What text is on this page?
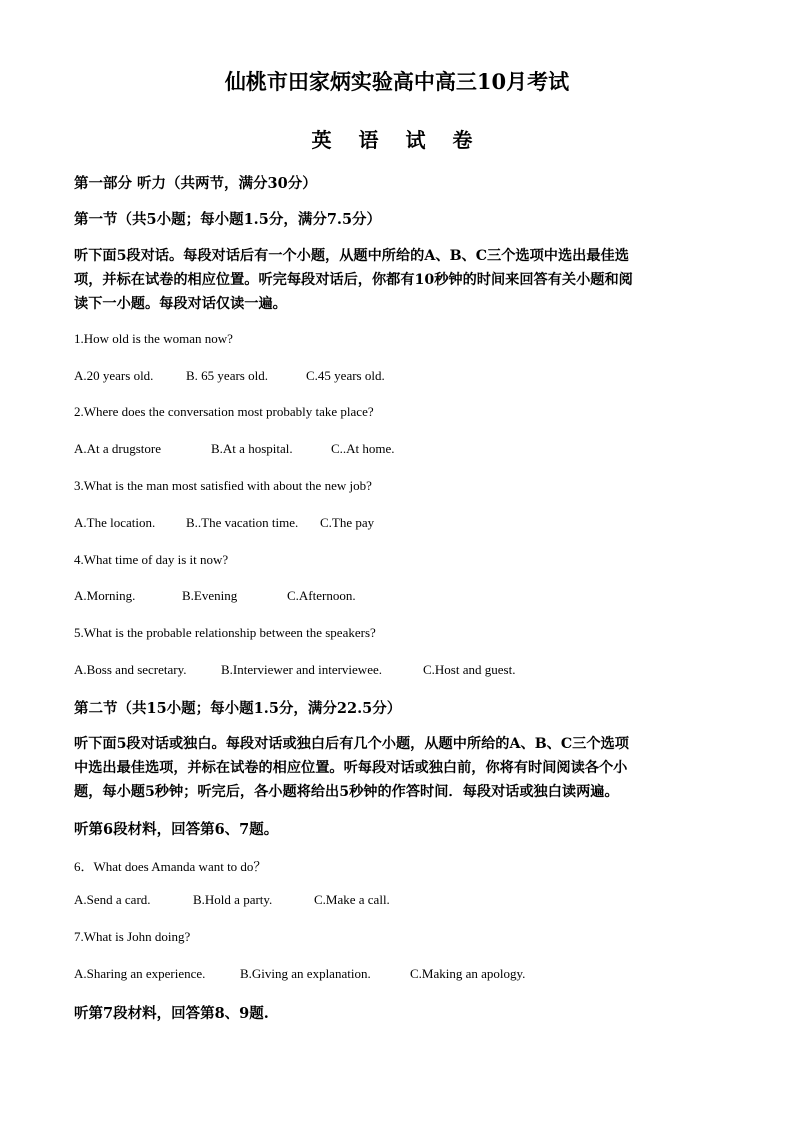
仙桃市田家炳实验高中高三10月考试
英 语 试 卷
第一部分 听力（共两节，满分30分）
第一节（共5小题；每小题1.5分，满分7.5分）
听下面5段对话。每段对话后有一个小题，从题中所给的A、B、C三个选项中选出最佳选
项，并标在试卷的相应位置。听完每段对话后，你都有10秒钟的时间来回答有关小题和阅
读下一小题。每段对话仅读一遍。
1.How old is the woman now?
A.20 years old.	B. 65 years old.	C.45 years old.
2.Where does the conversation most probably take place?
A.At a drugstore	B.At a hospital.	C..At home.
3.What is the man most satisfied with about the new job?
A.The location. B..The vacation time. C.The pay
4.What time of day is it now?
A.Morning.	B.Evening	C.Afternoon.
5.What is the probable relationship between the speakers?
A.Boss and secretary.	B.Interviewer and interviewee.	C.Host and guest.
第二节（共15小题；每小题1.5分，满分22.5分）
听下面5段对话或独白。每段对话或独白后有几个小题，从题中所给的A、B、C三个选项
中选出最佳选项，并标在试卷的相应位置。听每段对话或独白前，你将有时间阅读各个小
题，每小题5秒钟；听完后，各小题将给出5秒钟的作答时间．每段对话或独白读两遍。
听第6段材料，回答第6、7题。
6．What does Amanda want to do？
A.Send a card.	B.Hold a party.	C.Make a call.
7.What is John doing?
A.Sharing an experience.	B.Giving an explanation.	C.Making an apology.
听第7段材料，回答第8、9题.
